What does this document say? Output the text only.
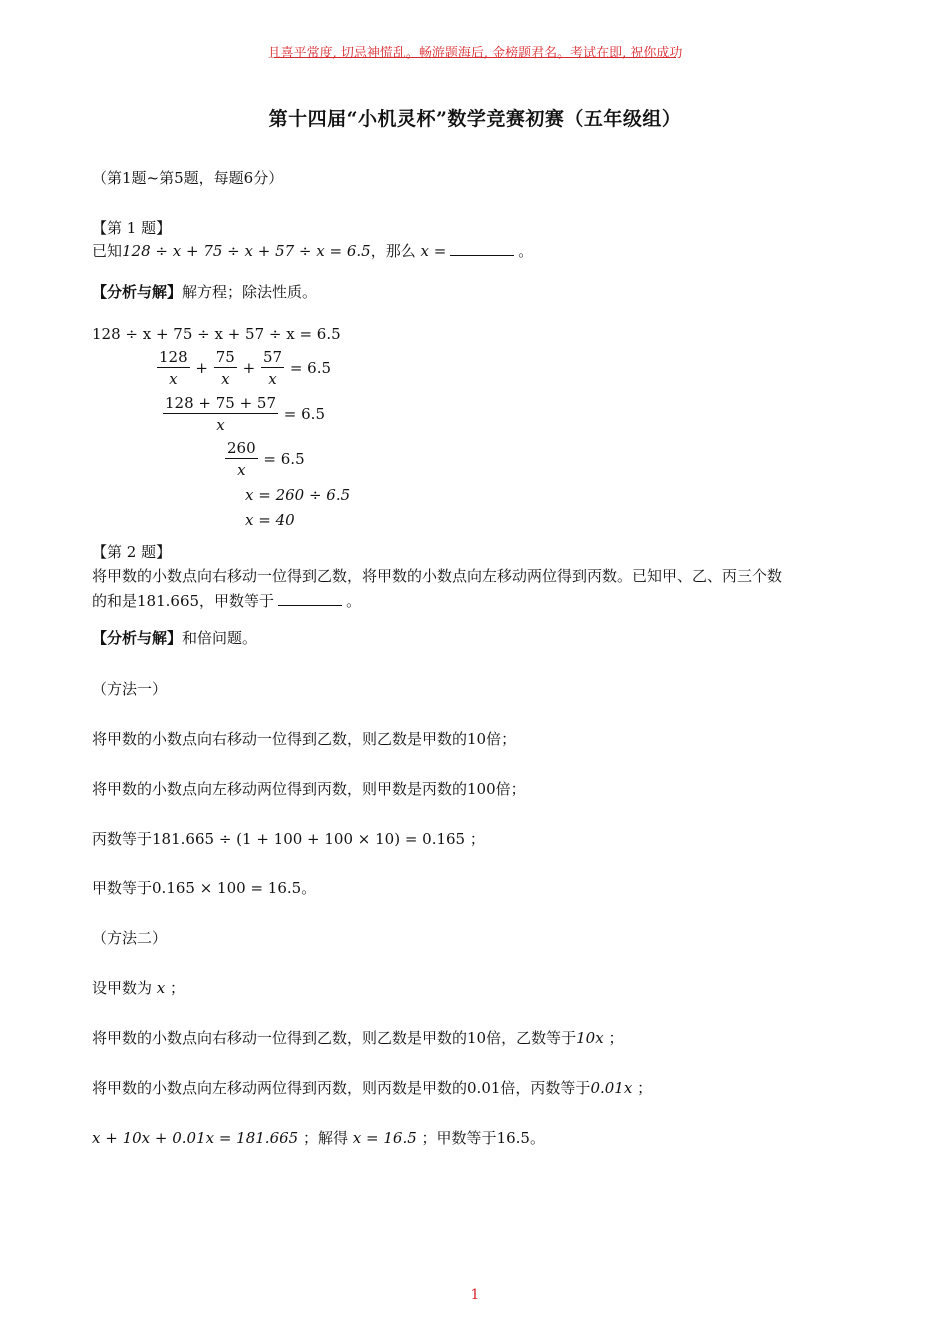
且喜平常度, 切忌神慌乱。畅游题海后, 金榜题君名。考试在即, 祝你成功
第十四届“小机灵杯”数学竞赛初赛（五年级组）
（第1题~第5题，每题6分）
【第 1 题】
已知128 ÷ x + 75 ÷ x + 57 ÷ x = 6.5，那么 x =	。
【分析与解】解方程；除法性质。
128 ÷ x + 75 ÷ x + 57 ÷ x = 6.5
$\frac{128}{x} + \frac{75}{x} + \frac{57}{x}$
= 6.5
$\frac{128 + 75 + 57}{x}$
= 6.5
$\frac{260}{x}$
= 6.5
x = 260 ÷ 6.5
x = 40
【第 2 题】
将甲数的小数点向右移动一位得到乙数，将甲数的小数点向左移动两位得到丙数。已知甲、乙、丙三个数
的和是181.665，甲数等于	。
【分析与解】和倍问题。
（方法一）
将甲数的小数点向右移动一位得到乙数，则乙数是甲数的10倍；
将甲数的小数点向左移动两位得到丙数，则甲数是丙数的100倍；
丙数等于181.665 ÷ (1 + 100 + 100 × 10) = 0.165 ；
甲数等于0.165 × 100 = 16.5。
（方法二）
设甲数为 x ；
将甲数的小数点向右移动一位得到乙数，则乙数是甲数的10倍，乙数等于10x ；
将甲数的小数点向左移动两位得到丙数，则丙数是甲数的0.01倍，丙数等于0.01x ；
x + 10x + 0.01x = 181.665 ；解得 x = 16.5 ；甲数等于16.5。
1
